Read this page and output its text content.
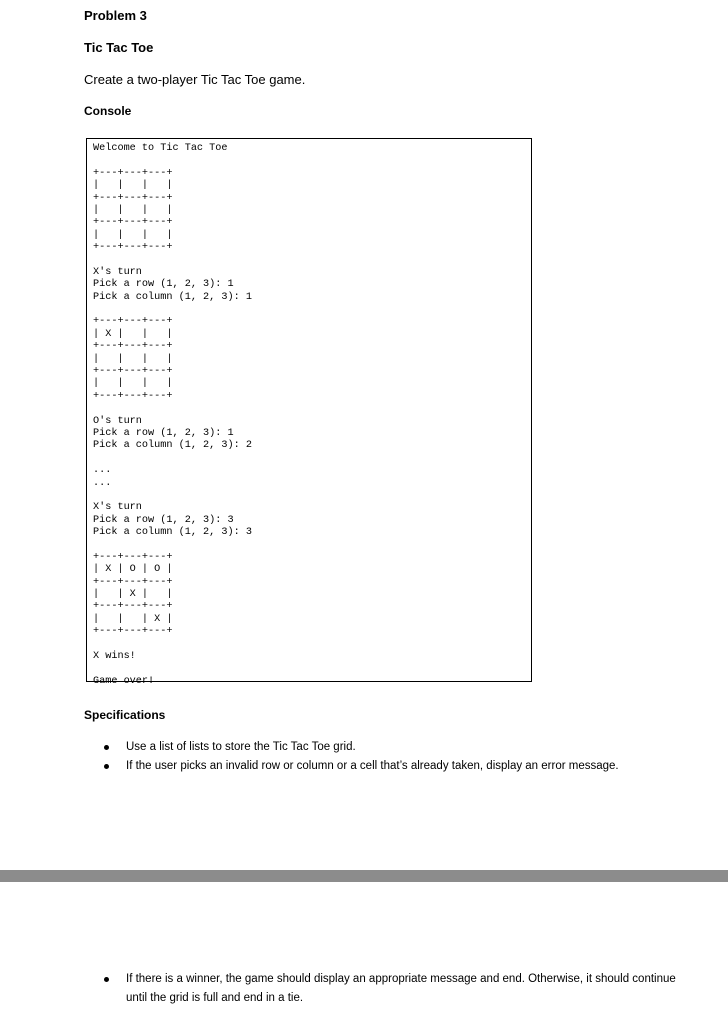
Problem 3
Tic Tac Toe
Create a two-player Tic Tac Toe game.
Console
Welcome to Tic Tac Toe
+---+---+---+
|   |   |   |
+---+---+---+
|   |   |   |
+---+---+---+
|   |   |   |
+---+---+---+
X's turn
Pick a row (1, 2, 3): 1
Pick a column (1, 2, 3): 1
+---+---+---+
| X |   |   |
+---+---+---+
|   |   |   |
+---+---+---+
|   |   |   |
+---+---+---+
O's turn
Pick a row (1, 2, 3): 1
Pick a column (1, 2, 3): 2
...
...
X's turn
Pick a row (1, 2, 3): 3
Pick a column (1, 2, 3): 3
+---+---+---+
| X | O | O |
+---+---+---+
|   | X |   |
+---+---+---+
|   |   | X |
+---+---+---+
X wins!
Game over!
Specifications
Use a list of lists to store the Tic Tac Toe grid.
If the user picks an invalid row or column or a cell that’s already taken, display an error message.
If there is a winner, the game should display an appropriate message and end. Otherwise, it should continue until the grid is full and end in a tie.
